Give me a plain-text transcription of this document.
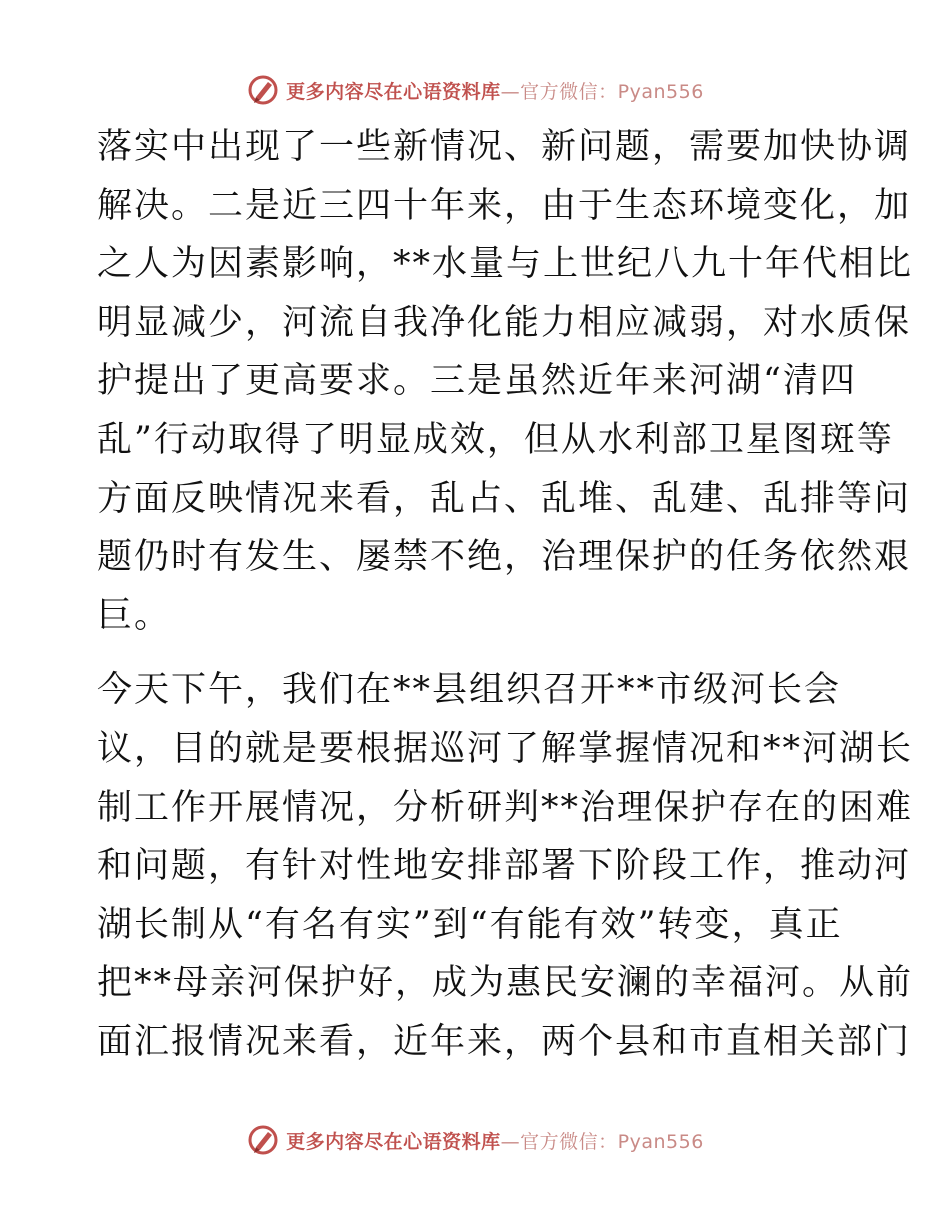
更多内容尽在心语资料库—官方微信：Pyan556
落实中出现了一些新情况、新问题，需要加快协调
解决。二是近三四十年来，由于生态环境变化，加
之人为因素影响，**水量与上世纪八九十年代相比
明显减少，河流自我净化能力相应减弱，对水质保
护提出了更高要求。三是虽然近年来河湖“清四
乱”行动取得了明显成效，但从水利部卫星图斑等
方面反映情况来看，乱占、乱堆、乱建、乱排等问
题仍时有发生、屡禁不绝，治理保护的任务依然艰
巨。
今天下午，我们在**县组织召开**市级河长会
议，目的就是要根据巡河了解掌握情况和**河湖长
制工作开展情况，分析研判**治理保护存在的困难
和问题，有针对性地安排部署下阶段工作，推动河
湖长制从“有名有实”到“有能有效”转变，真正
把**母亲河保护好，成为惠民安澜的幸福河。从前
面汇报情况来看，近年来，两个县和市直相关部门
更多内容尽在心语资料库—官方微信：Pyan556
